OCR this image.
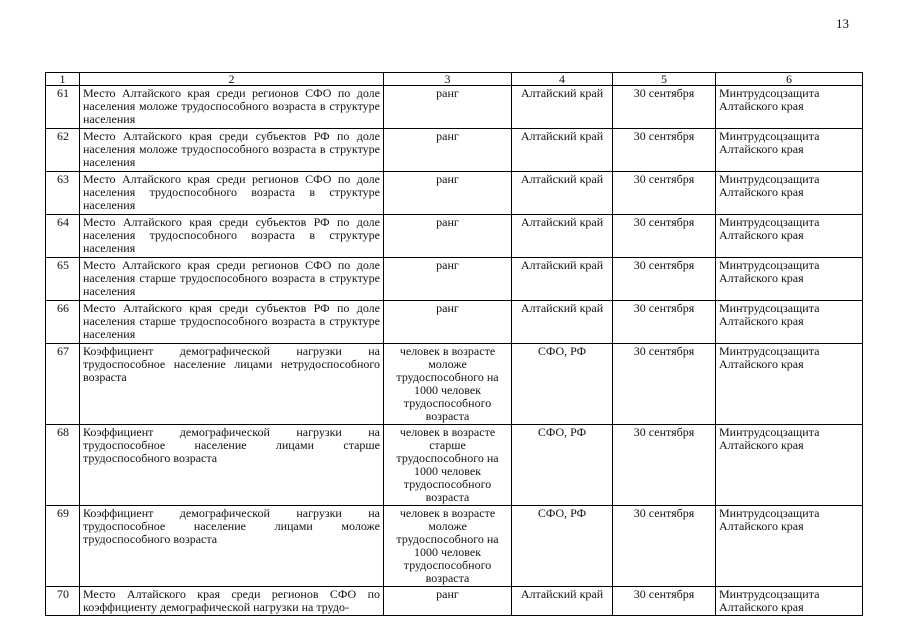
13
1	2	3	4	5	6
61	Место Алтайского края среди регионов СФО по доле населения моложе трудоспособного возраста в структуре населения	ранг	Алтайский край	30 сентября	Минтрудсоцзащита Алтайского края
62	Место Алтайского края среди субъектов РФ по доле населения моложе трудоспособного возраста в структуре населения	ранг	Алтайский край	30 сентября	Минтрудсоцзащита Алтайского края
63	Место Алтайского края среди регионов СФО по доле населения трудоспособного возраста в структуре населения	ранг	Алтайский край	30 сентября	Минтрудсоцзащита Алтайского края
64	Место Алтайского края среди субъектов РФ по доле населения трудоспособного возраста в структуре населения	ранг	Алтайский край	30 сентября	Минтрудсоцзащита Алтайского края
65	Место Алтайского края среди регионов СФО по доле населения старше трудоспособного возраста в структуре населения	ранг	Алтайский край	30 сентября	Минтрудсоцзащита Алтайского края
66	Место Алтайского края среди субъектов РФ по доле населения старше трудоспособного возраста в структуре населения	ранг	Алтайский край	30 сентября	Минтрудсоцзащита Алтайского края
67	Коэффициент демографической нагрузки на трудоспособное население лицами нетрудоспособного возраста	человек в возрасте моложе трудоспособного на 1000 человек трудоспособного возраста	СФО, РФ	30 сентября	Минтрудсоцзащита Алтайского края
68	Коэффициент демографической нагрузки на трудоспособное население лицами старше трудоспособного возраста	человек в возрасте старше трудоспособного на 1000 человек трудоспособного возраста	СФО, РФ	30 сентября	Минтрудсоцзащита Алтайского края
69	Коэффициент демографической нагрузки на трудоспособное население лицами моложе трудоспособного возраста	человек в возрасте моложе трудоспособного на 1000 человек трудоспособного возраста	СФО, РФ	30 сентября	Минтрудсоцзащита Алтайского края
70	Место Алтайского края среди регионов СФО по коэффициенту демографической нагрузки на трудо-	ранг	Алтайский край	30 сентября	Минтрудсоцзащита Алтайского края
